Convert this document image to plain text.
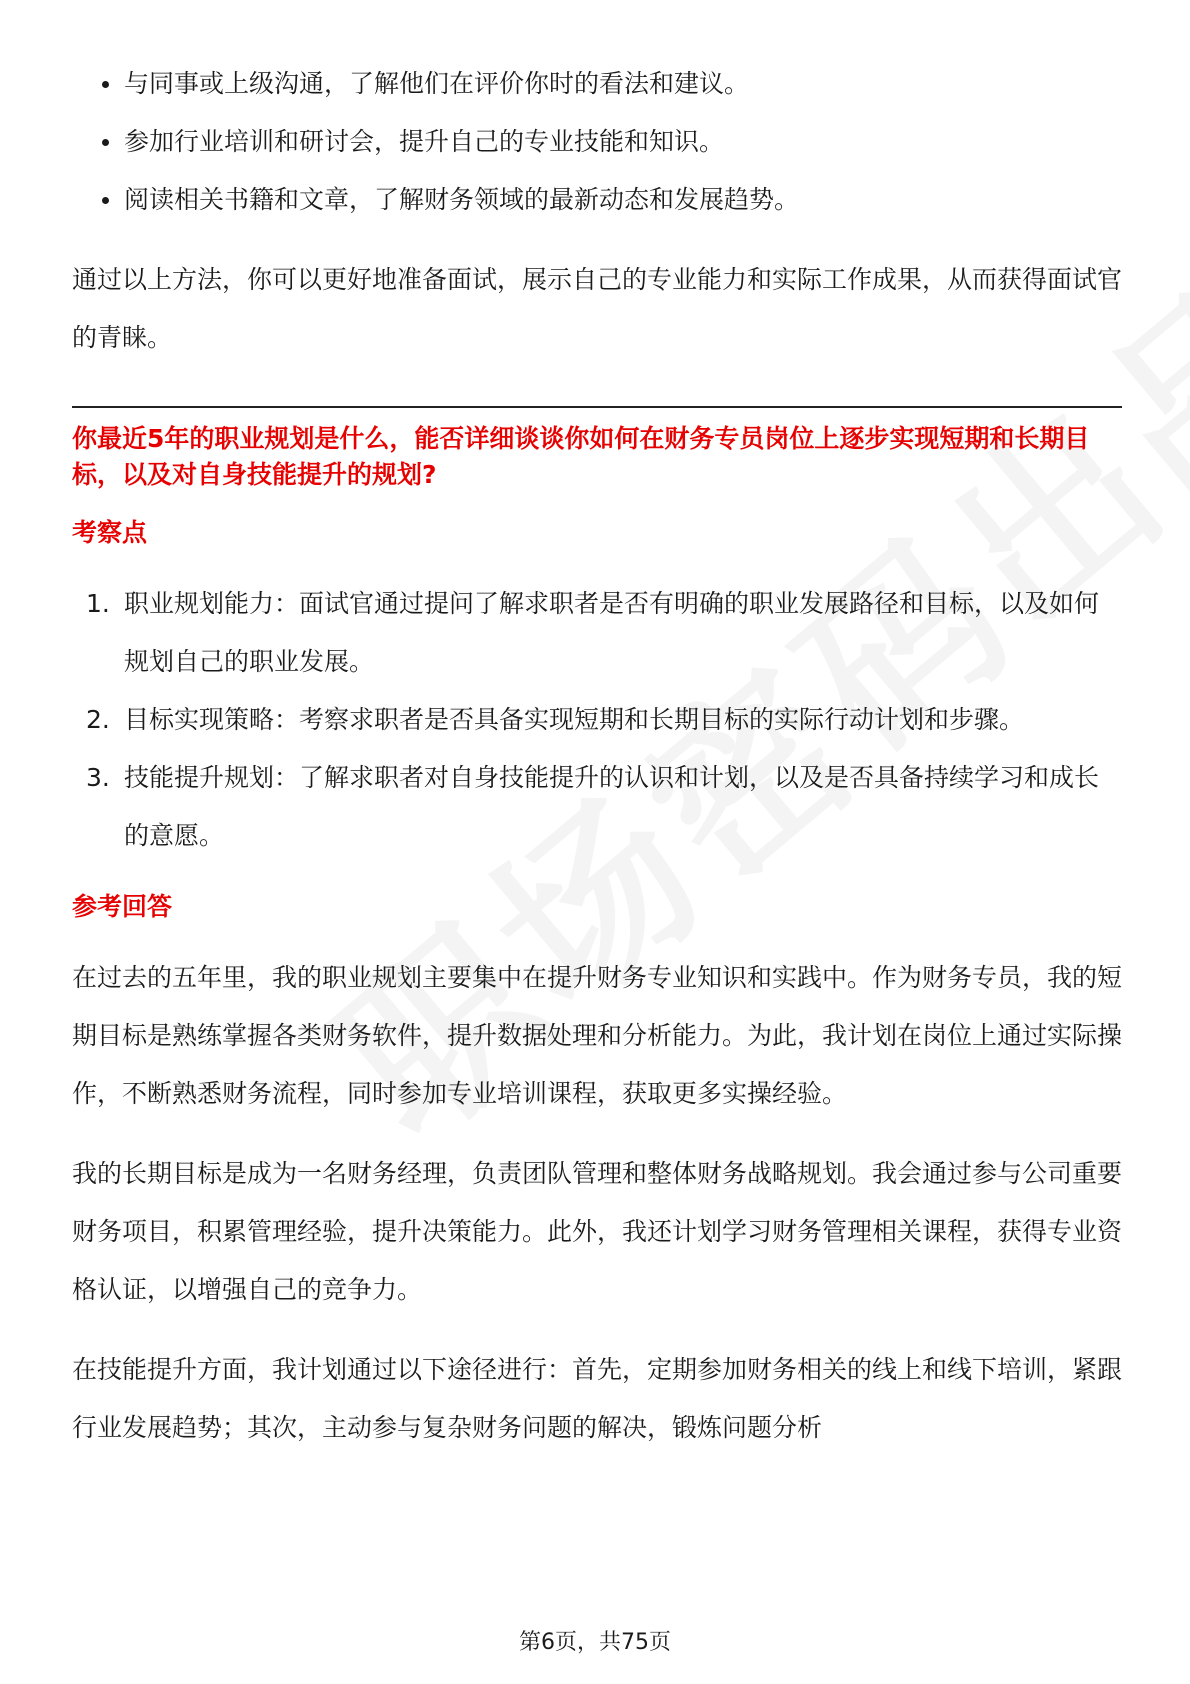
与同事或上级沟通，了解他们在评价你时的看法和建议。
参加行业培训和研讨会，提升自己的专业技能和知识。
阅读相关书籍和文章，了解财务领域的最新动态和发展趋势。

通过以上方法，你可以更好地准备面试，展示自己的专业能力和实际工作成果，从而获得面试官的青睐。

你最近5年的职业规划是什么，能否详细谈谈你如何在财务专员岗位上逐步实现短期和长期目标，以及对自身技能提升的规划?

考察点

1. 职业规划能力：面试官通过提问了解求职者是否有明确的职业发展路径和目标，以及如何规划自己的职业发展。
2. 目标实现策略：考察求职者是否具备实现短期和长期目标的实际行动计划和步骤。
3. 技能提升规划：了解求职者对自身技能提升的认识和计划，以及是否具备持续学习和成长的意愿。

参考回答

在过去的五年里，我的职业规划主要集中在提升财务专业知识和实践中。作为财务专员，我的短期目标是熟练掌握各类财务软件，提升数据处理和分析能力。为此，我计划在岗位上通过实际操作，不断熟悉财务流程，同时参加专业培训课程，获取更多实操经验。

我的长期目标是成为一名财务经理，负责团队管理和整体财务战略规划。我会通过参与公司重要财务项目，积累管理经验，提升决策能力。此外，我还计划学习财务管理相关课程，获得专业资格认证，以增强自己的竞争力。

在技能提升方面，我计划通过以下途径进行：首先，定期参加财务相关的线上和线下培训，紧跟行业发展趋势；其次，主动参与复杂财务问题的解决，锻炼问题分析

第6页，共75页
